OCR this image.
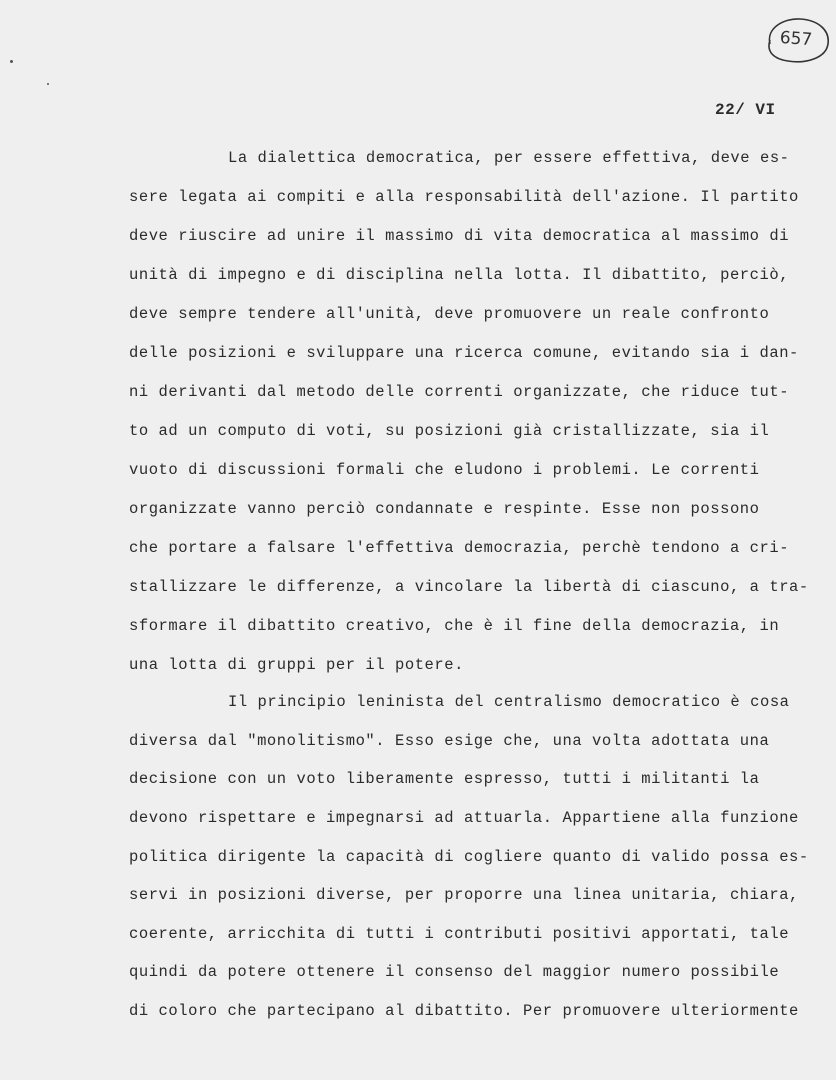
657
22/ VI
La dialettica democratica, per essere effettiva, deve es-
sere legata ai compiti e alla responsabilità dell'azione. Il partito
deve riuscire ad unire il massimo di vita democratica al massimo di
unità di impegno e di disciplina nella lotta. Il dibattito, perciò,
deve sempre tendere all'unità, deve promuovere un reale confronto
delle posizioni e sviluppare una ricerca comune, evitando sia i dan-
ni derivanti dal metodo delle correnti organizzate, che riduce tut-
to ad un computo di voti, su posizioni già cristallizzate, sia il
vuoto di discussioni formali che eludono i problemi. Le correnti
organizzate vanno perciò condannate e respinte. Esse non possono
che portare a falsare l'effettiva democrazia, perchè tendono a cri-
stallizzare le differenze, a vincolare la libertà di ciascuno, a tra-
sformare il dibattito creativo, che è il fine della democrazia, in
una lotta di gruppi per il potere.
Il principio leninista del centralismo democratico è cosa
diversa dal "monolitismo". Esso esige che, una volta adottata una
decisione con un voto liberamente espresso, tutti i militanti la
devono rispettare e impegnarsi ad attuarla. Appartiene alla funzione
politica dirigente la capacità di cogliere quanto di valido possa es-
servi in posizioni diverse, per proporre una linea unitaria, chiara,
coerente, arricchita di tutti i contributi positivi apportati, tale
quindi da potere ottenere il consenso del maggior numero possibile
di coloro che partecipano al dibattito. Per promuovere ulteriormente
